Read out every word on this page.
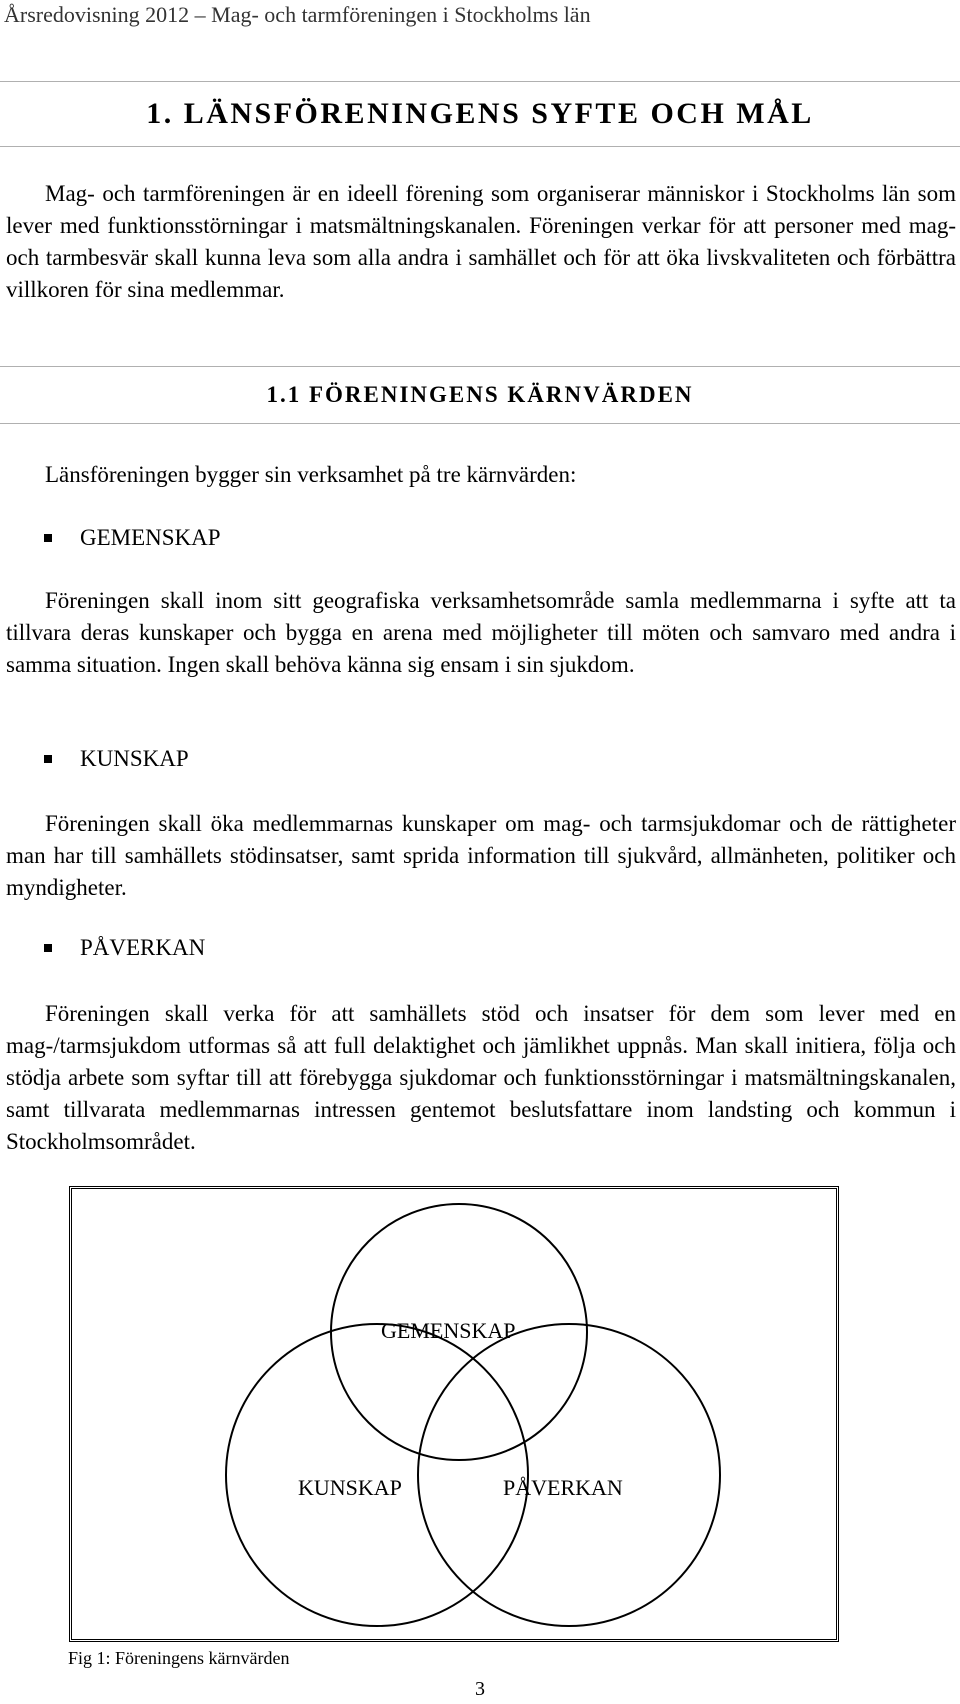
Årsredovisning 2012 – Mag- och tarmföreningen i Stockholms län
1. LÄNSFÖRENINGENS SYFTE OCH MÅL

Mag- och tarmföreningen är en ideell förening som organiserar människor i Stockholms län som lever med funktionsstörningar i matsmältningskanalen. Föreningen verkar för att personer med mag- och tarmbesvär skall kunna leva som alla andra i samhället och för att öka livskvaliteten och förbättra villkoren för sina medlemmar.

1.1 FÖRENINGENS KÄRNVÄRDEN
Länsföreningen bygger sin verksamhet på tre kärnvärden:
GEMENSKAP

Föreningen skall inom sitt geografiska verksamhetsområde samla medlemmarna i syfte att ta tillvara deras kunskaper och bygga en arena med möjligheter till möten och samvaro med andra i samma situation. Ingen skall behöva känna sig ensam i sin sjukdom.

KUNSKAP

Föreningen skall öka medlemmarnas kunskaper om mag- och tarmsjukdomar och de rättigheter man har till samhällets stödinsatser, samt sprida information till sjukvård, allmänheten, politiker och myndigheter.

PÅVERKAN

Föreningen skall verka för att samhällets stöd och insatser för dem som lever med en mag-/tarmsjukdom utformas så att full delaktighet och jämlikhet uppnås. Man skall initiera, följa och stödja arbete som syftar till att förebygga sjukdomar och funktionsstörningar i matsmältningskanalen, samt tillvarata medlemmarnas intressen gentemot beslutsfattare inom landsting och kommun i Stockholmsområdet.

GEMENSKAP
KUNSKAP	PÅVERKAN
Fig 1: Föreningens kärnvärden
3
